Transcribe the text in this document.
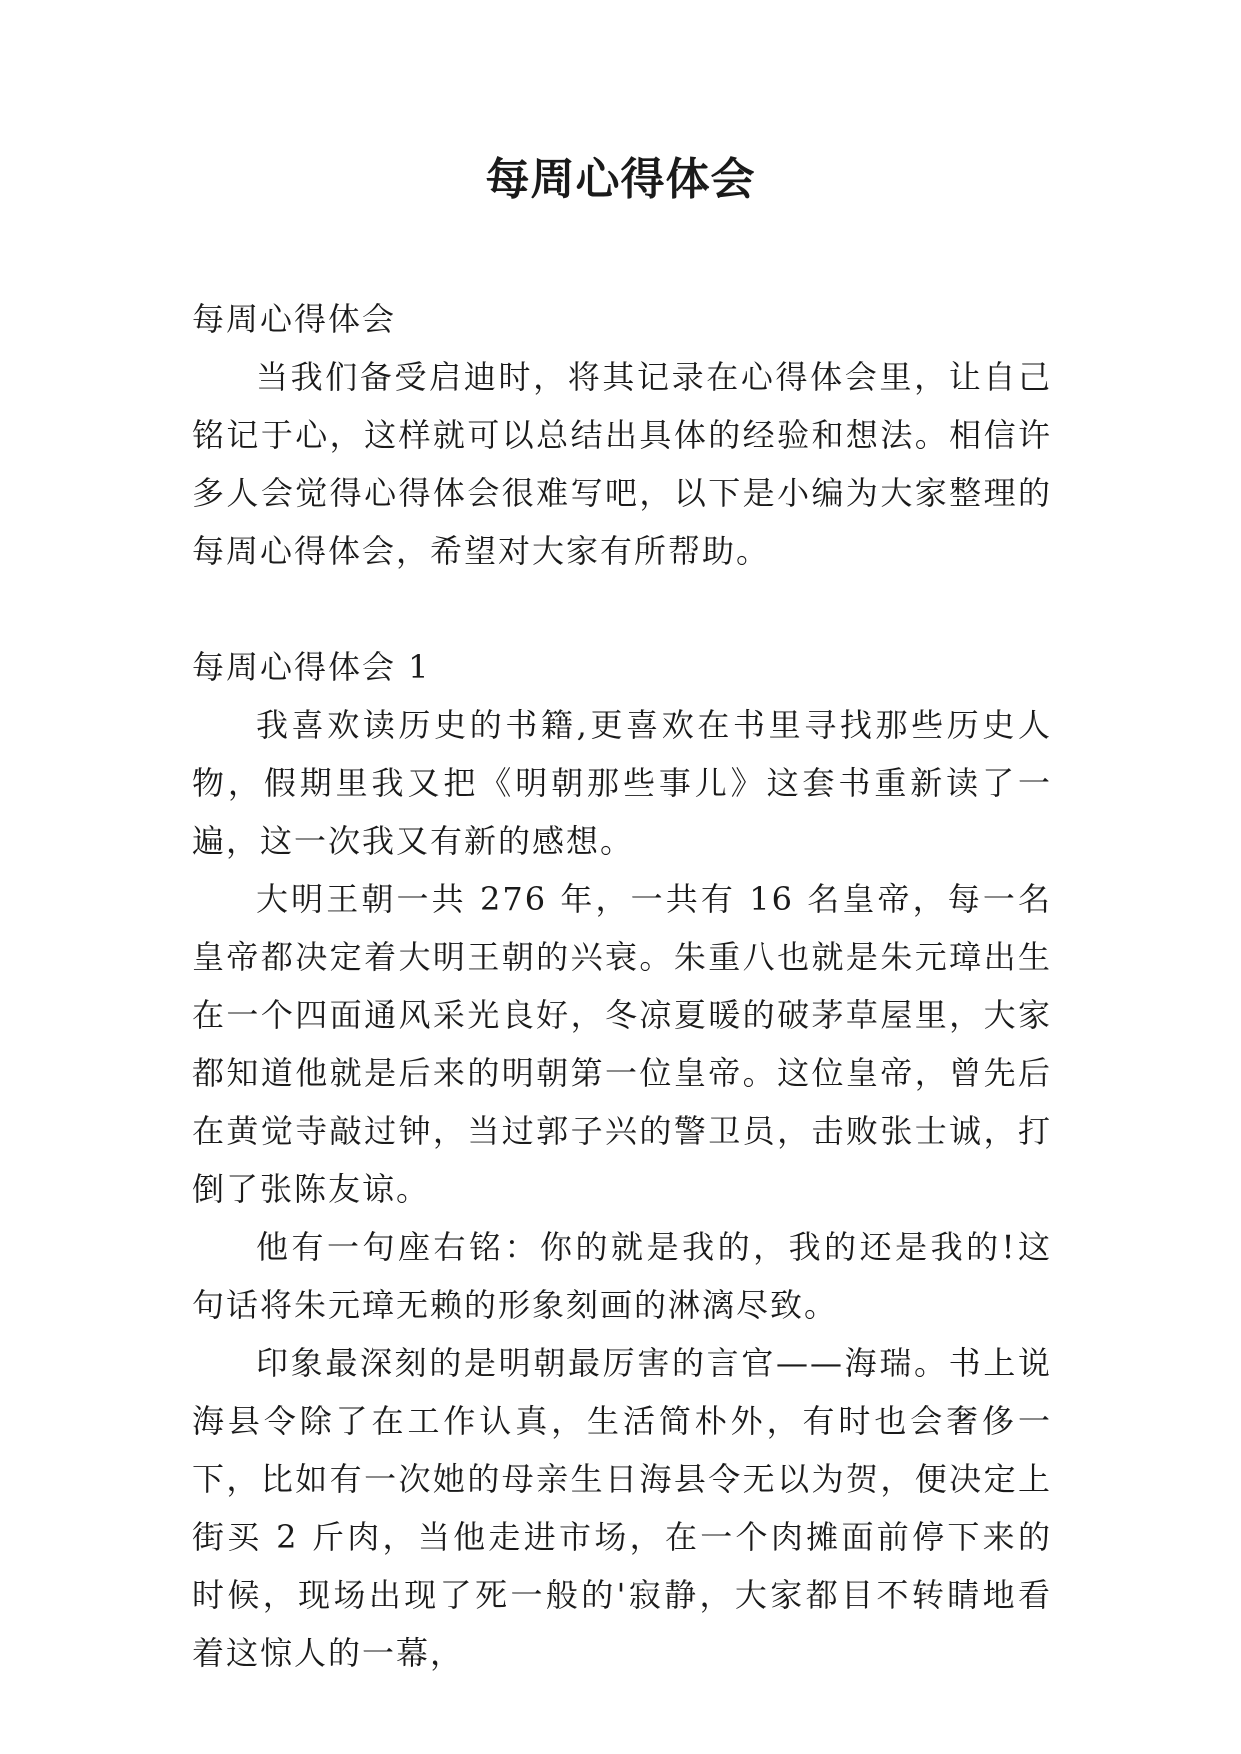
每周心得体会

每周心得体会

当我们备受启迪时，将其记录在心得体会里，让自己铭记于心，这样就可以总结出具体的经验和想法。相信许多人会觉得心得体会很难写吧，以下是小编为大家整理的每周心得体会，希望对大家有所帮助。

每周心得体会 1

我喜欢读历史的书籍,更喜欢在书里寻找那些历史人物，假期里我又把《明朝那些事儿》这套书重新读了一遍，这一次我又有新的感想。

大明王朝一共 276 年，一共有 16 名皇帝，每一名皇帝都决定着大明王朝的兴衰。朱重八也就是朱元璋出生在一个四面通风采光良好，冬凉夏暖的破茅草屋里，大家都知道他就是后来的明朝第一位皇帝。这位皇帝，曾先后在黄觉寺敲过钟，当过郭子兴的警卫员，击败张士诚，打倒了张陈友谅。

他有一句座右铭：你的就是我的，我的还是我的!这句话将朱元璋无赖的形象刻画的淋漓尽致。

印象最深刻的是明朝最厉害的言官——海瑞。书上说海县令除了在工作认真，生活简朴外，有时也会奢侈一下，比如有一次她的母亲生日海县令无以为贺，便决定上街买 2 斤肉，当他走进市场，在一个肉摊面前停下来的时候，现场出现了死一般的'寂静，大家都目不转睛地看着这惊人的一幕，
